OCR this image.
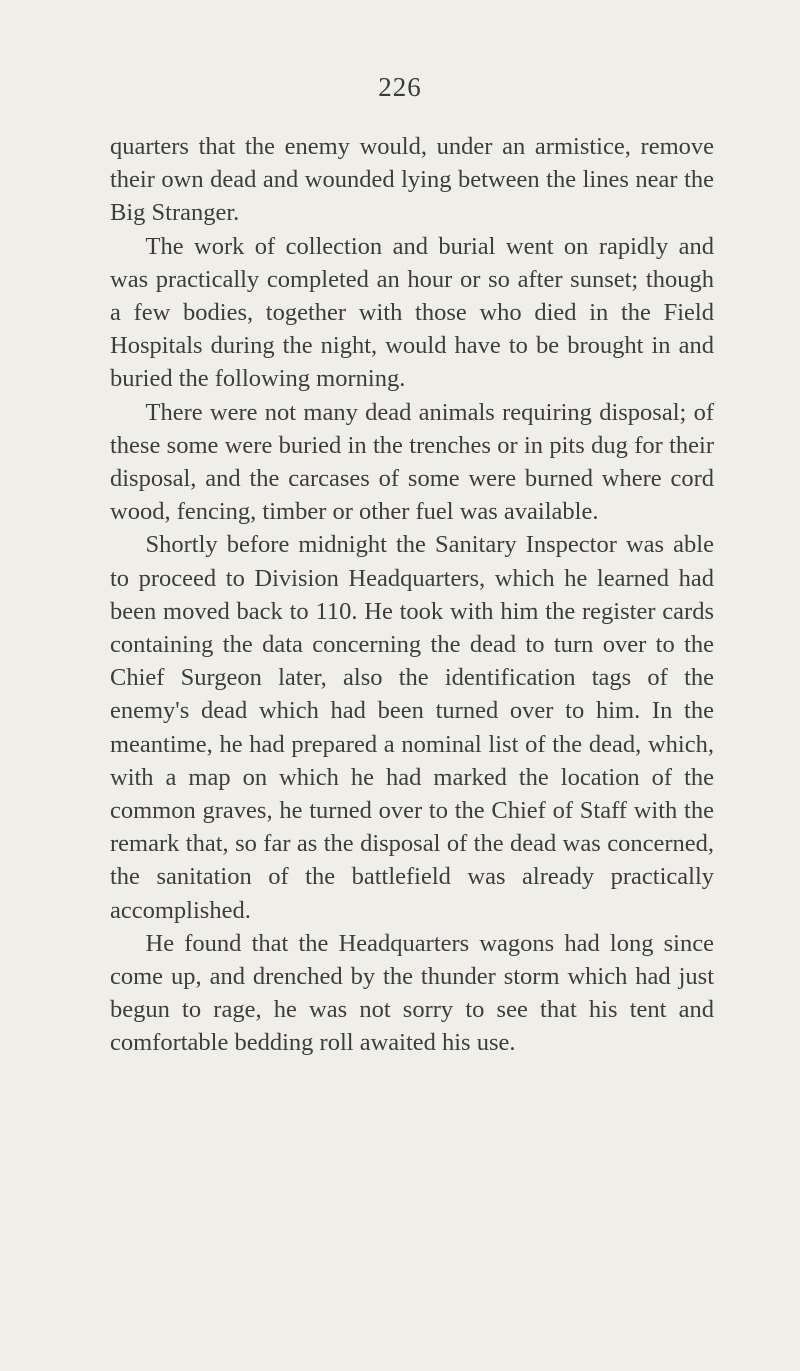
226

quarters that the enemy would, under an armistice, remove their own dead and wounded lying between the lines near the Big Stranger.

The work of collection and burial went on rapidly and was practically completed an hour or so after sunset; though a few bodies, together with those who died in the Field Hospitals during the night, would have to be brought in and buried the following morning.

There were not many dead animals requiring disposal; of these some were buried in the trenches or in pits dug for their disposal, and the carcases of some were burned where cord wood, fencing, timber or other fuel was available.

Shortly before midnight the Sanitary Inspector was able to proceed to Division Headquarters, which he learned had been moved back to 110. He took with him the register cards containing the data concerning the dead to turn over to the Chief Surgeon later, also the identification tags of the enemy's dead which had been turned over to him. In the meantime, he had prepared a nominal list of the dead, which, with a map on which he had marked the location of the common graves, he turned over to the Chief of Staff with the remark that, so far as the disposal of the dead was concerned, the sanitation of the battlefield was already practically accomplished.

He found that the Headquarters wagons had long since come up, and drenched by the thunder storm which had just begun to rage, he was not sorry to see that his tent and comfortable bedding roll awaited his use.
